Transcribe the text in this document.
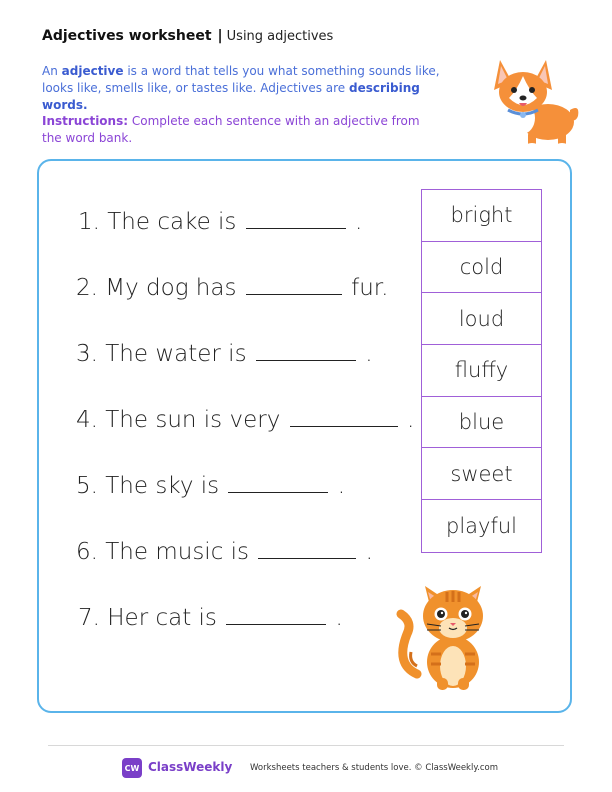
Adjectives worksheet | Using adjectives
An adjective is a word that tells you what something sounds like, looks like, smells like, or tastes like. Adjectives are describing words.
Instructions: Complete each sentence with an adjective from the word bank.
1. The cake is	.
2. My dog has	fur.
3. The water is	.
4. The sun is very	.
5. The sky is	.
6. The music is	.
7. Her cat is	.
bright
cold
loud
fluffy
blue
sweet
playful
CW ClassWeekly Worksheets teachers & students love. © ClassWeekly.com
